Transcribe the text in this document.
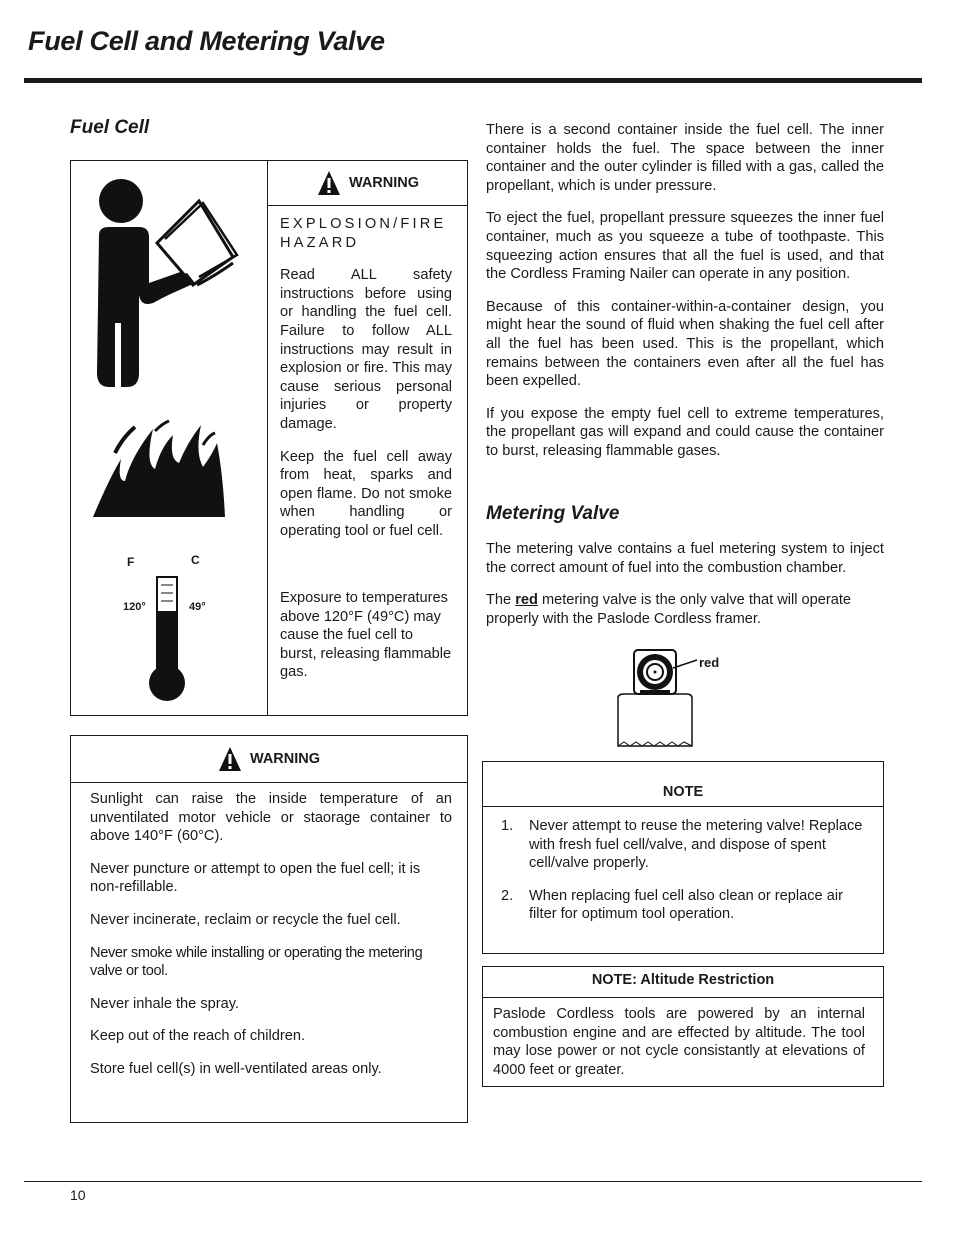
Fuel Cell and Metering Valve
Fuel Cell
F	C
120°	49°
WARNING

EXPLOSION/FIRE HAZARD

Read ALL safety instructions before using or handling the fuel cell. Failure to follow ALL instructions may result in explosion or fire. This may cause serious personal injuries or property damage.

Keep the fuel cell away from heat, sparks and open flame. Do not smoke when handling or operating tool or fuel cell.

Exposure to temperatures above 120°F (49°C) may cause the fuel cell to burst, releasing flammable gas.

WARNING

Sunlight can raise the inside temperature of an unventilated motor vehicle or staorage container to above 140°F (60°C).

Never puncture or attempt to open the fuel cell; it is non-refillable.

Never incinerate, reclaim or recycle the fuel cell.

Never smoke while installing or operating the metering valve or tool.

Never inhale the spray.

Keep out of the reach of children.

Store fuel cell(s) in well-ventilated areas only.

There is a second container inside the fuel cell. The inner container holds the fuel. The space between the inner container and the outer cylinder is filled with a gas, called the propellant, which is under pressure.

To eject the fuel, propellant pressure squeezes the inner fuel container, much as you squeeze a tube of toothpaste. This squeezing action ensures that all the fuel is used, and that the Cordless Framing Nailer can operate in any position.

Because of this container-within-a-container design, you might hear the sound of fluid when shaking the fuel cell after all the fuel has been used. This is the propellant, which remains between the containers even after all the fuel has been expelled.

If you expose the empty fuel cell to extreme temperatures, the propellant gas will expand and could cause the container to burst, releasing flammable gases.

Metering Valve

The metering valve contains a fuel metering system to inject the correct amount of fuel into the combustion chamber.

The red metering valve is the only valve that will operate properly with the Paslode Cordless framer.

red
NOTE
1.	Never attempt to reuse the metering valve! Replace with fresh fuel cell/valve, and dispose of spent cell/valve properly.
2.	When replacing fuel cell also clean or replace air filter for optimum tool operation.
NOTE: Altitude Restriction

Paslode Cordless tools are powered by an internal combustion engine and are effected by altitude. The tool may lose power or not cycle consistantly at elevations of 4000 feet or greater.

10
